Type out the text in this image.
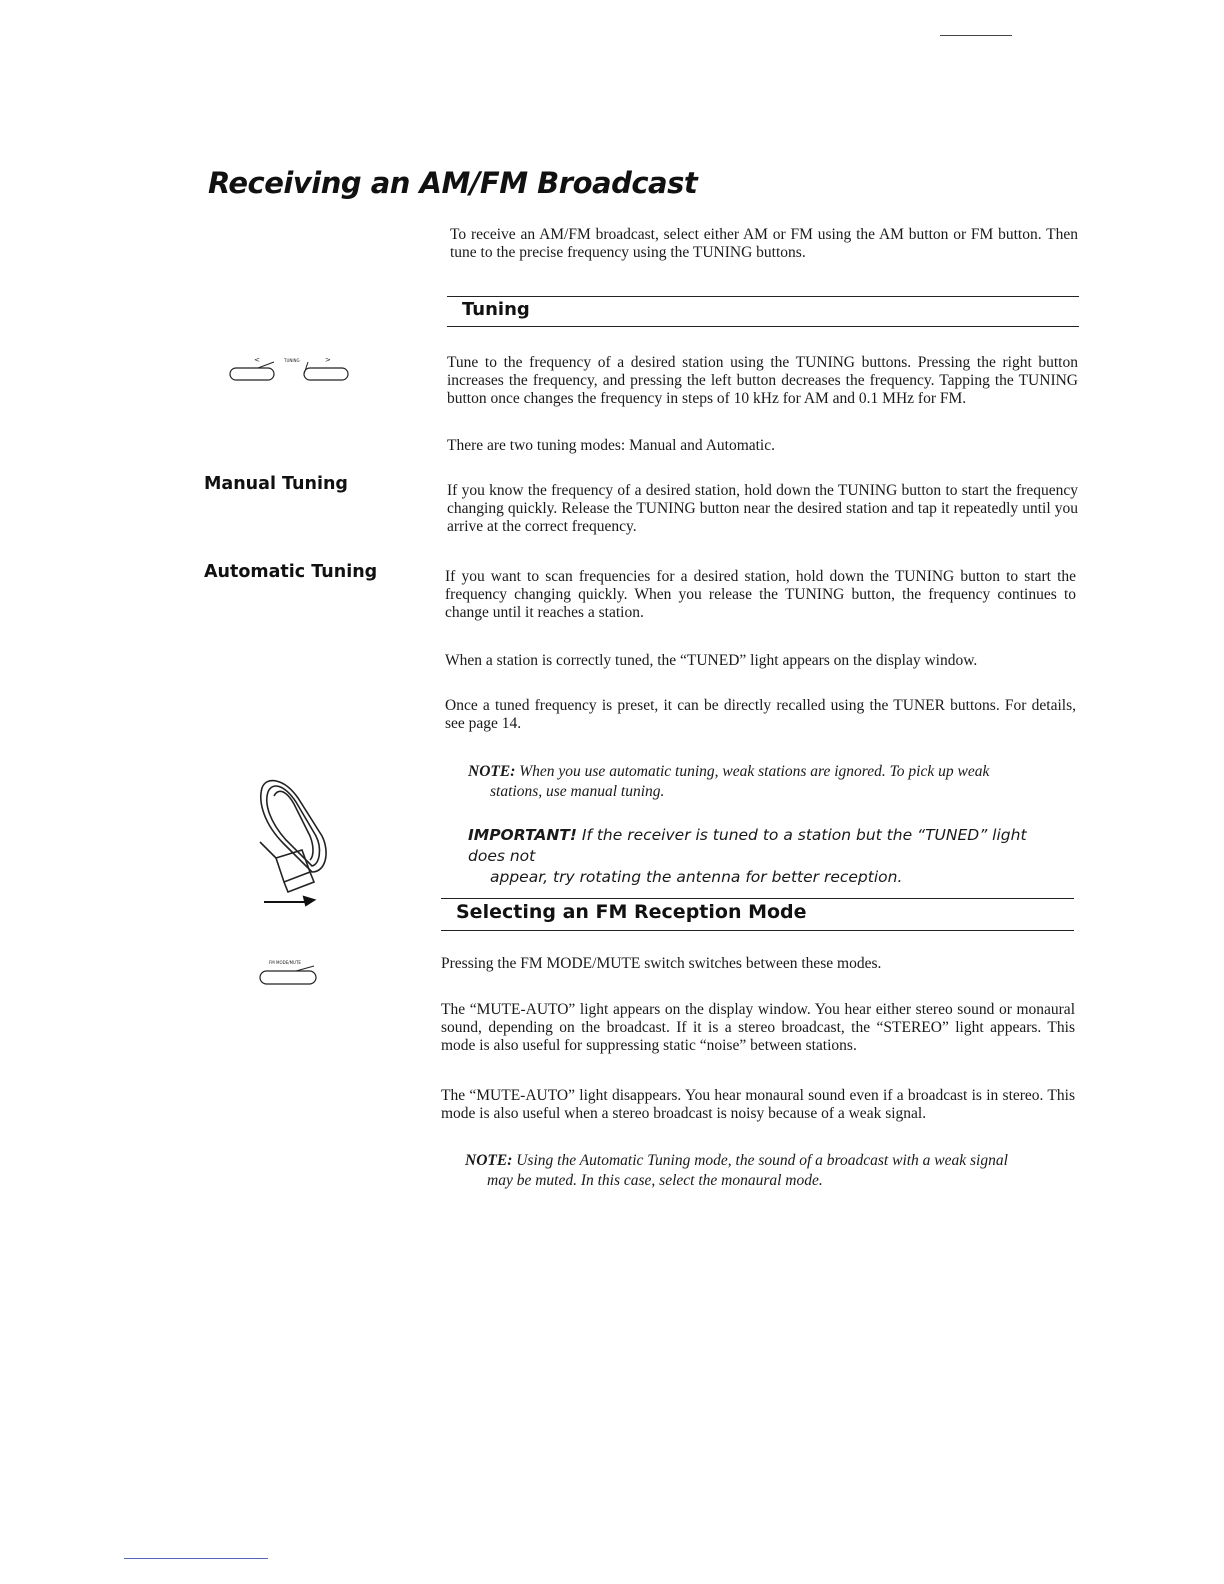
Receiving an AM/FM Broadcast

To receive an AM/FM broadcast, select either AM or FM using the AM button or FM button. Then tune to the precise frequency using the TUNING buttons.

Tuning
TUNING
<	>	Tune to the frequency of a desired station using the TUNING buttons. Pressing the right button increases the frequency, and pressing the left button decreases the frequency. Tapping the TUNING button once changes the frequency in steps of 10 kHz for AM and 0.1 MHz for FM.

There are two tuning modes: Manual and Automatic.

Manual Tuning	If you know the frequency of a desired station, hold down the TUNING button to start the frequency changing quickly. Release the TUNING button near the desired station and tap it repeatedly until you arrive at the correct frequency.

Automatic Tuning	If you want to scan frequencies for a desired station, hold down the TUNING button to start the frequency changing quickly. When you release the TUNING button, the frequency continues to change until it reaches a station.

When a station is correctly tuned, the “TUNED” light appears on the display window.

Once a tuned frequency is preset, it can be directly recalled using the TUNER buttons. For details, see page 14.

NOTE: When you use automatic tuning, weak stations are ignored. To pick up weak
stations, use manual tuning.
IMPORTANT! If the receiver is tuned to a station but the “TUNED” light does not
appear, try rotating the antenna for better reception.
Selecting an FM Reception Mode
FM MODE/MUTE	Pressing the FM MODE/MUTE switch switches between these modes.

The “MUTE-AUTO” light appears on the display window. You hear either stereo sound or monaural sound, depending on the broadcast. If it is a stereo broadcast, the “STEREO” light appears. This mode is also useful for suppressing static “noise” between stations.

The “MUTE-AUTO” light disappears. You hear monaural sound even if a broadcast is in stereo. This mode is also useful when a stereo broadcast is noisy because of a weak signal.

NOTE: Using the Automatic Tuning mode, the sound of a broadcast with a weak signal
may be muted. In this case, select the monaural mode.
